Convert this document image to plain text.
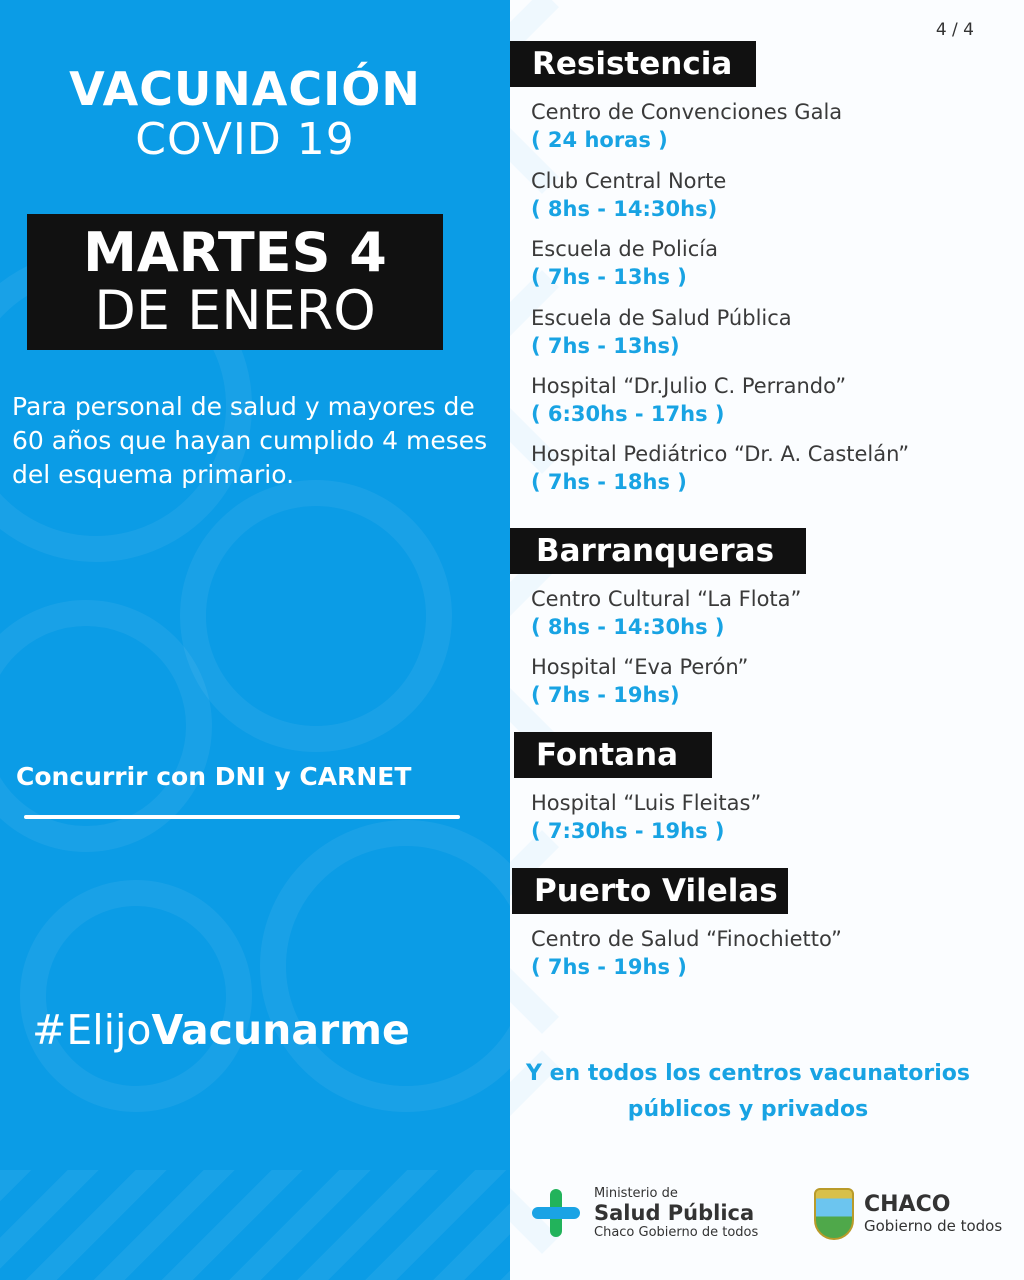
VACUNACIÓN
COVID 19
MARTES 4
DE ENERO
Para personal de salud y mayores de 60 años que hayan cumplido 4 meses del esquema primario.
Concurrir con DNI y CARNET
#ElijoVacunarme
4 / 4
Resistencia
Centro de Convenciones Gala
( 24 horas )
Club Central Norte
( 8hs - 14:30hs)
Escuela de Policía
( 7hs - 13hs )
Escuela de Salud Pública
( 7hs - 13hs)
Hospital “Dr.Julio C. Perrando”
( 6:30hs - 17hs )
Hospital Pediátrico “Dr. A. Castelán”
( 7hs - 18hs )
Barranqueras
Centro Cultural “La Flota”
( 8hs - 14:30hs )
Hospital “Eva Perón”
( 7hs - 19hs)
Fontana
Hospital “Luis Fleitas”
( 7:30hs - 19hs )
Puerto Vilelas
Centro de Salud “Finochietto”
( 7hs - 19hs )
Y en todos los centros vacunatorios
públicos y privados
Ministerio de
Salud Pública
Chaco Gobierno de todos
CHACO
Gobierno de todos
